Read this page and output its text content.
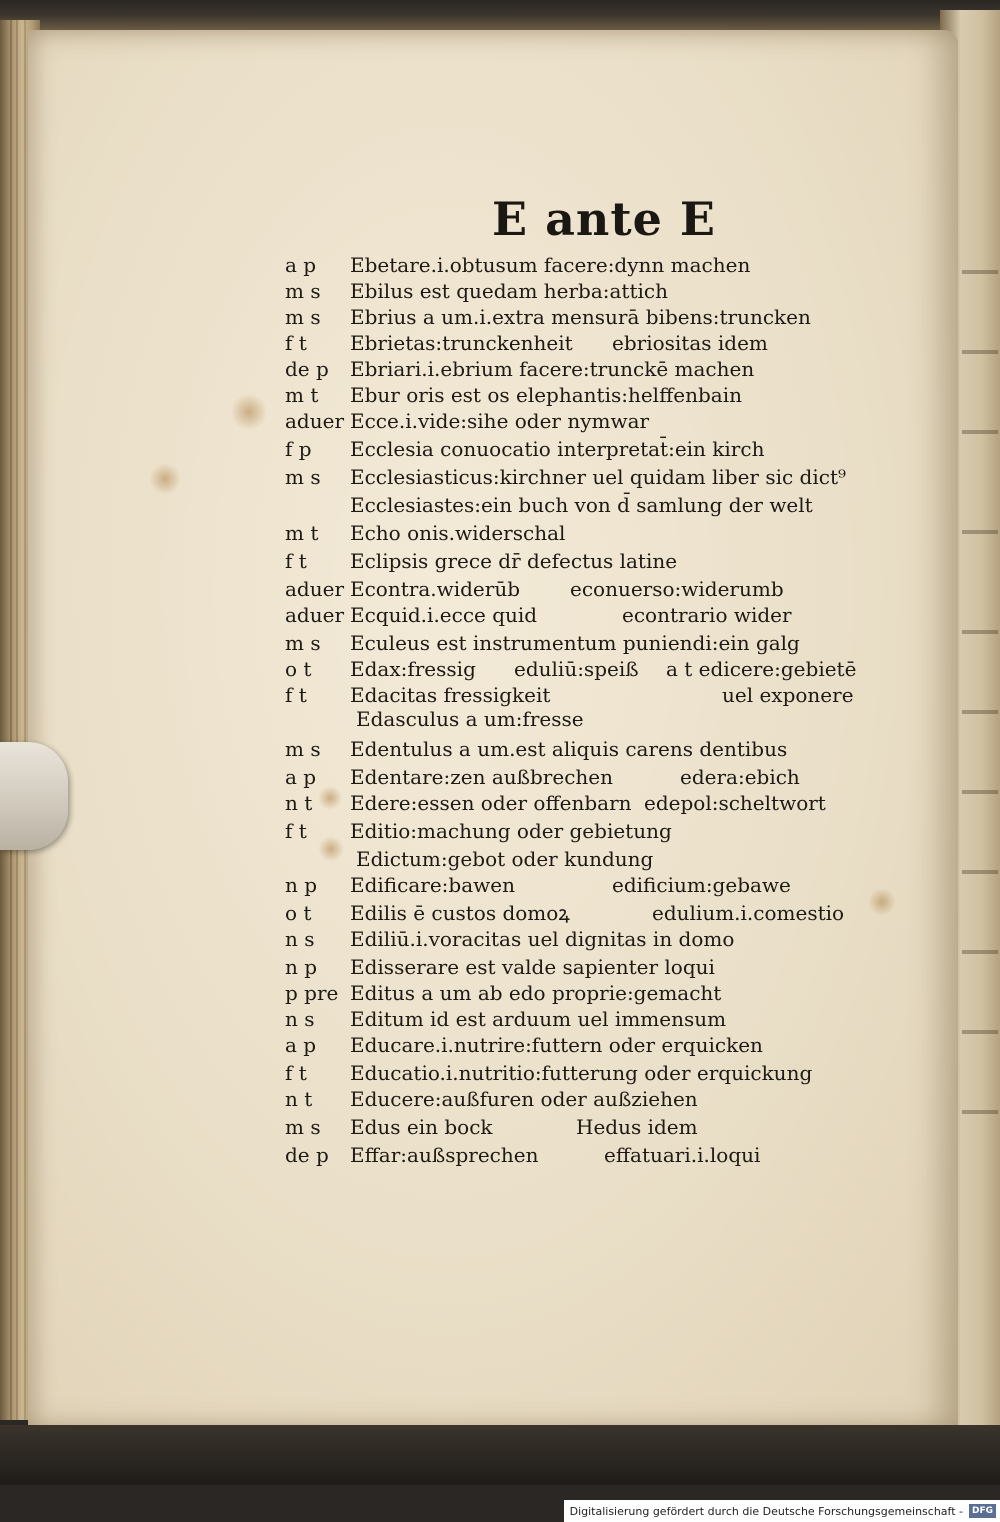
E ante E
a p Ebetare.i.obtusum facere:dynn machen
m s Ebilus est quedam herba:attich
m s Ebrius a um.i.extra mensurā bibens:truncken
f t Ebrietas:trunckenheit ebriositas idem
de p Ebriari.i.ebrium facere:trunckē machen
m t Ebur oris est os elephantis:helffenbain
aduer Ecce.i.vide:sihe oder nymwar
f p Ecclesia conuocatio interpretat̄:ein kirch
m s Ecclesiasticus:kirchner uel quidam liber sic dict⁹
Ecclesiastes:ein buch von d̄ samlung der welt
m t Echo onis.widerschal
f t Eclipsis grece dr̄ defectus latine
aduer Econtra.widerūb	econuerso:widerumb
aduer Ecquid.i.ecce quid	econtrario wider
m s Eculeus est instrumentum puniendi:ein galg
o t Edax:fressig eduliū:speiß a t edicere:gebietē
f t Edacitas fressigkeit	uel exponere
Edasculus a um:fresse
m s Edentulus a um.est aliquis carens dentibus
a p Edentare:zen außbrechen	edera:ebich
n t Edere:essen oder offenbarn edepol:scheltwort
f t Editio:machung oder gebietung
Edictum:gebot oder kundung
n p Edificare:bawen	edificium:gebawe
o t Edilis ē custos domoꝝ	edulium.i.comestio
n s Ediliū.i.voracitas uel dignitas in domo
n p Edisserare est valde sapienter loqui
p pre Editus a um ab edo proprie:gemacht
n s Editum id est arduum uel immensum
a p Educare.i.nutrire:futtern oder erquicken
f t Educatio.i.nutritio:futterung oder erquickung
n t Educere:außfuren oder außziehen
m s Edus ein bock	Hedus idem
de p Effar:außsprechen	effatuari.i.loqui
Digitalisierung gefördert durch die Deutsche Forschungsgemeinschaft -	DFG
